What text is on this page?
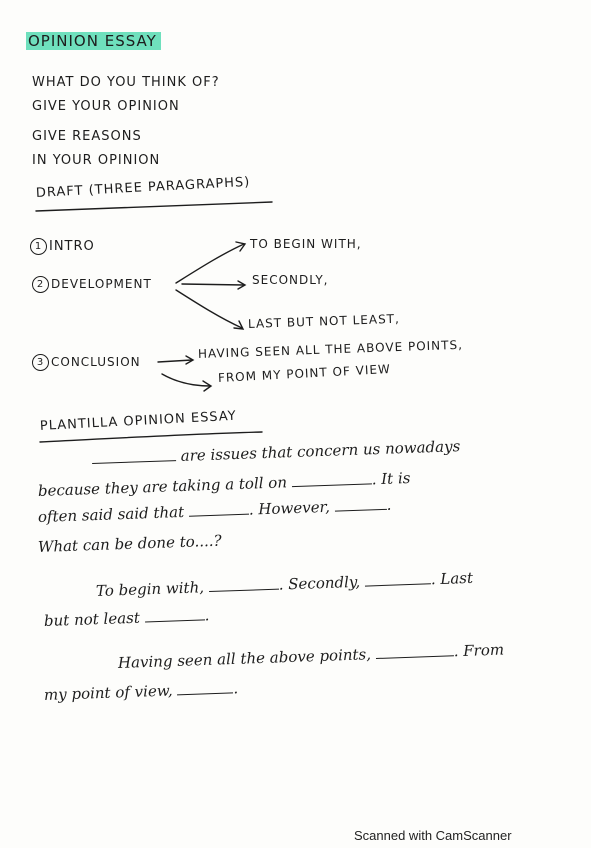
OPINION ESSAY
WHAT DO YOU THINK OF?
GIVE YOUR OPINION
GIVE REASONS
IN YOUR OPINION
DRAFT (THREE PARAGRAPHS)
1 INTRO
2 DEVELOPMENT
3 CONCLUSION
TO BEGIN WITH,
SECONDLY,
LAST BUT NOT LEAST,
HAVING SEEN ALL THE ABOVE POINTS,
FROM MY POINT OF VIEW
PLANTILLA OPINION ESSAY
are issues that concern us nowadays
because they are taking a toll on	. It is
often said said that	. However,	.
What can be done to....?
To begin with,	. Secondly,	. Last
but not least	.
Having seen all the above points,	. From
my point of view,	.
Scanned with CamScanner
